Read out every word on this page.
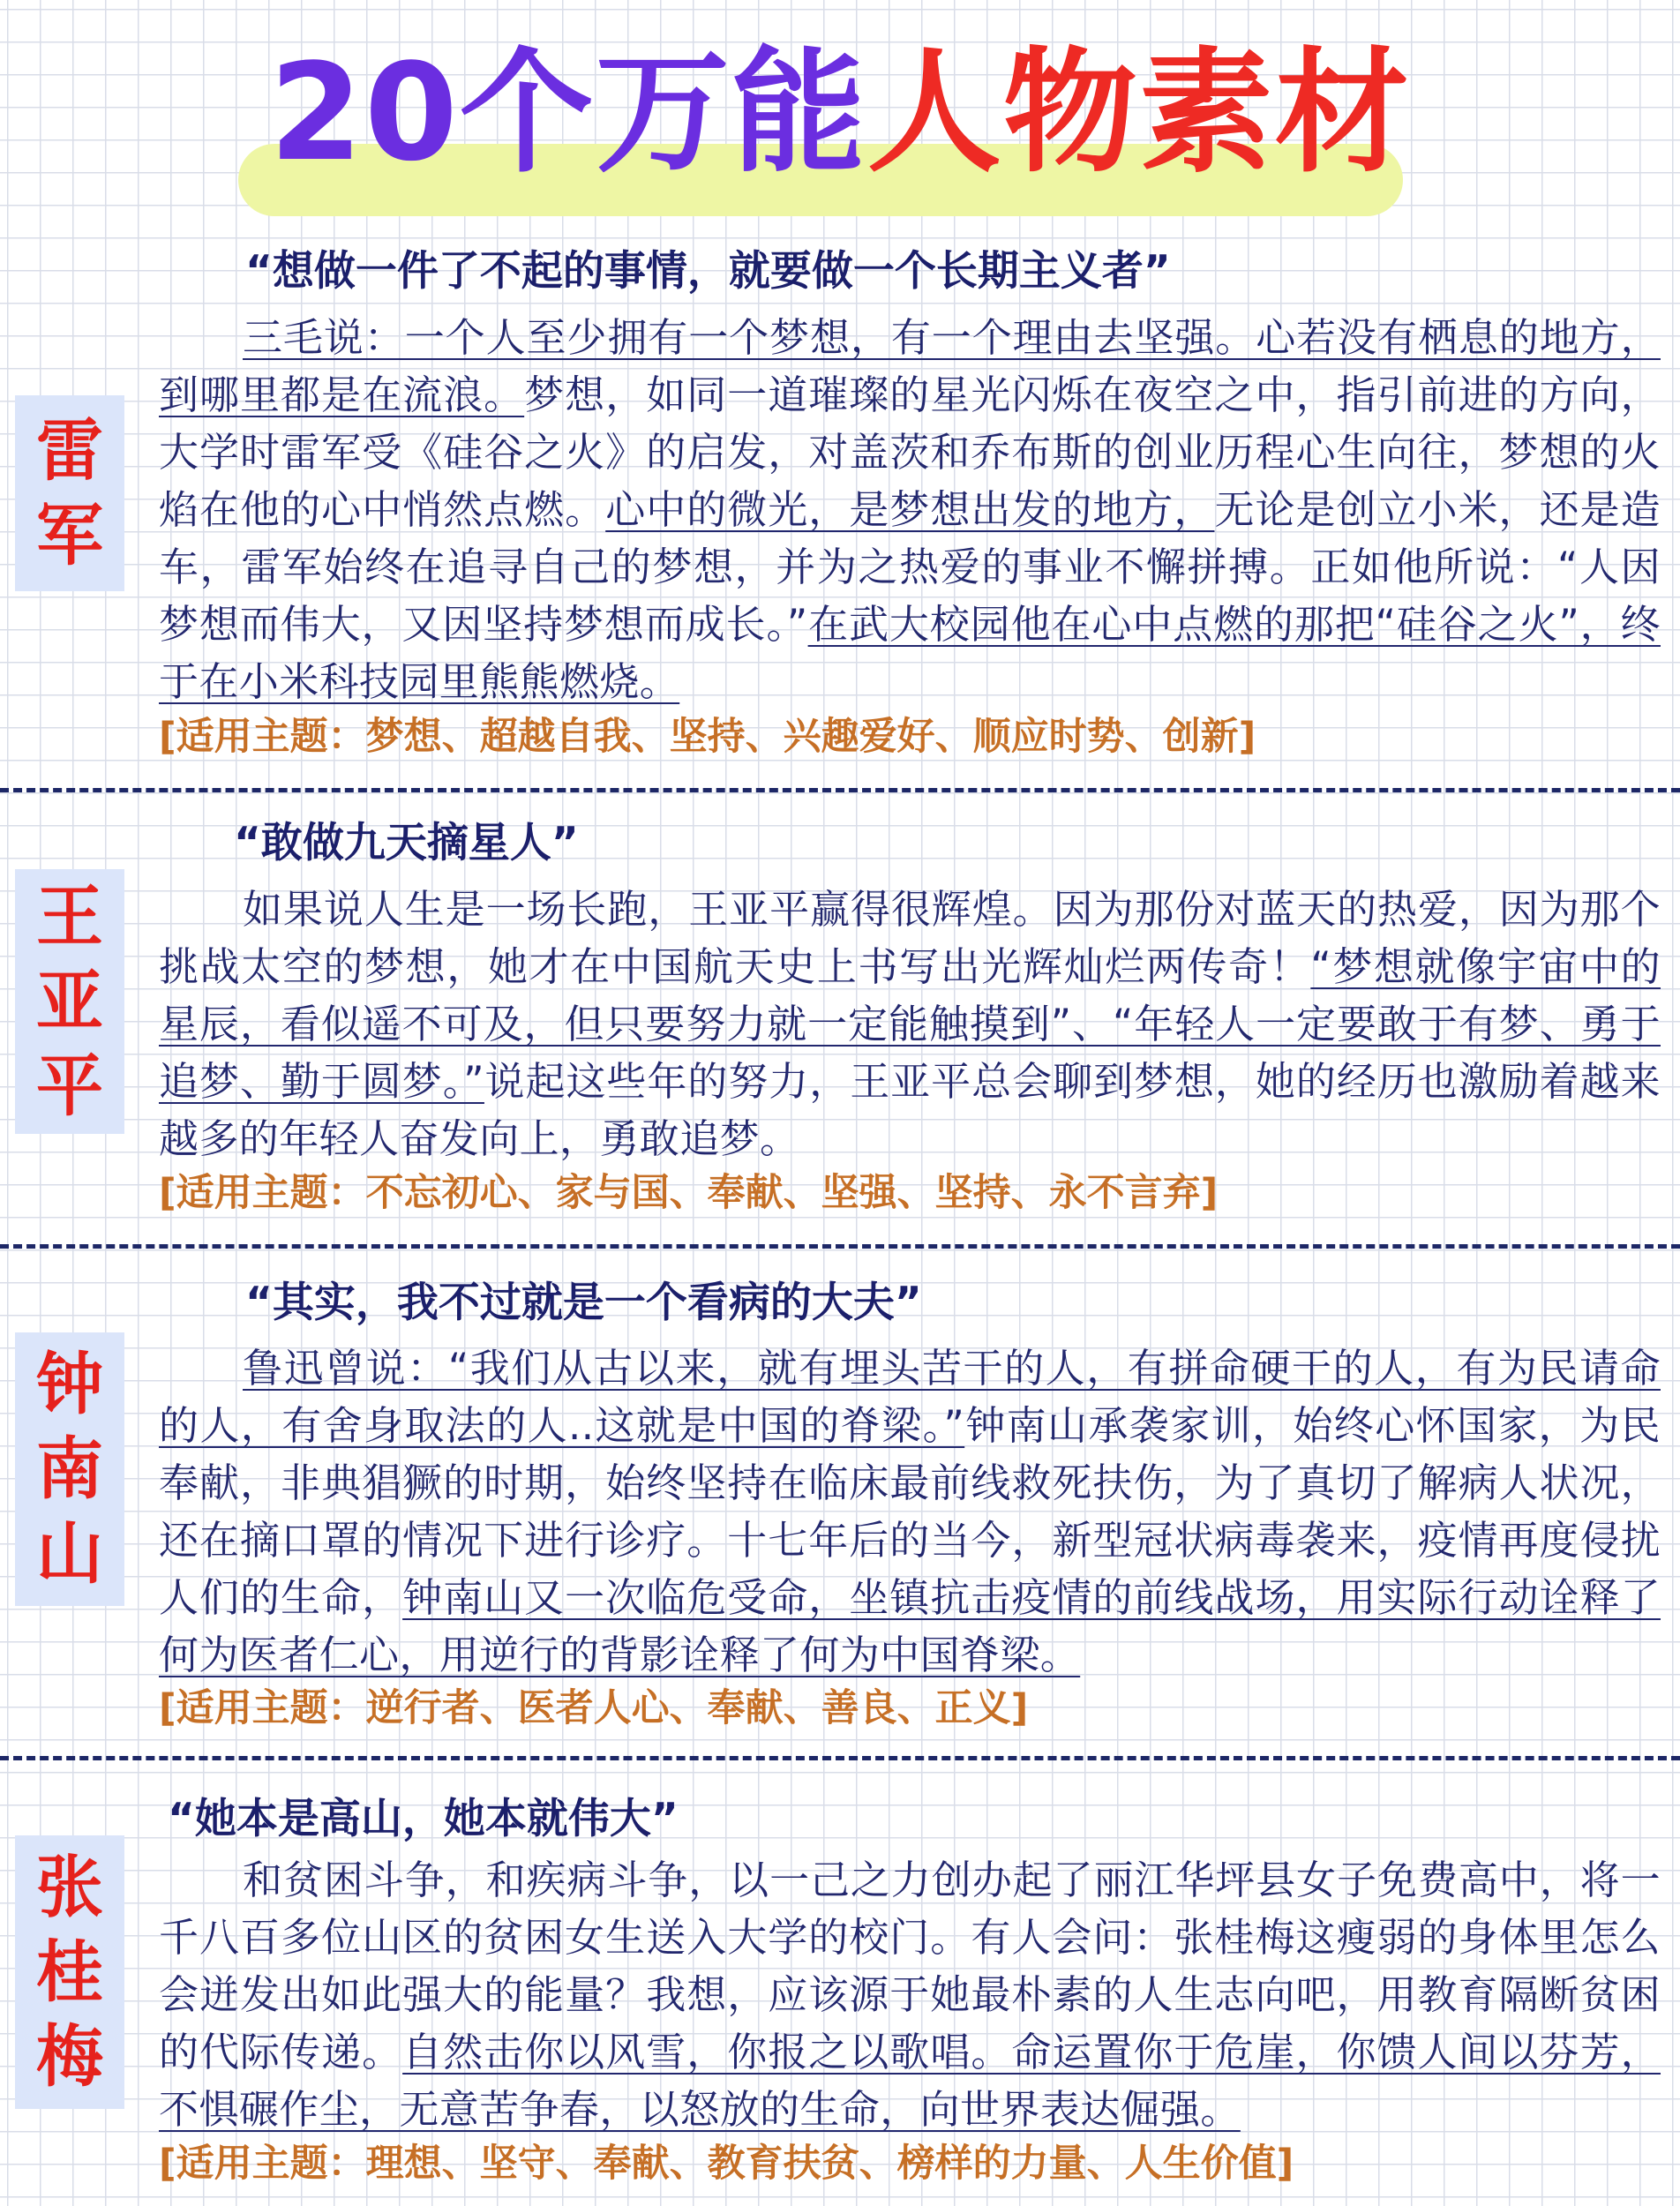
20个万能人物素材
雷
军
“想做一件了不起的事情，就要做一个长期主义者”

三毛说：一个人至少拥有一个梦想，有一个理由去坚强。心若没有栖息的地方，到哪里都是在流浪。梦想，如同一道璀璨的星光闪烁在夜空之中，指引前进的方向，大学时雷军受《硅谷之火》的启发，对盖茨和乔布斯的创业历程心生向往，梦想的火焰在他的心中悄然点燃。心中的微光，是梦想出发的地方，无论是创立小米，还是造车，雷军始终在追寻自己的梦想，并为之热爱的事业不懈拼搏。正如他所说：“人因梦想而伟大，又因坚持梦想而成长。”在武大校园他在心中点燃的那把“硅谷之火”，终于在小米科技园里熊熊燃烧。

[适用主题：梦想、超越自我、坚持、兴趣爱好、顺应时势、创新]
王
亚
平
“敢做九天摘星人”

如果说人生是一场长跑，王亚平赢得很辉煌。因为那份对蓝天的热爱，因为那个挑战太空的梦想，她才在中国航天史上书写出光辉灿烂两传奇！“梦想就像宇宙中的星辰，看似遥不可及，但只要努力就一定能触摸到”、“年轻人一定要敢于有梦、勇于追梦、勤于圆梦。”说起这些年的努力，王亚平总会聊到梦想，她的经历也激励着越来越多的年轻人奋发向上，勇敢追梦。

[适用主题：不忘初心、家与国、奉献、坚强、坚持、永不言弃]
钟
南
山
“其实，我不过就是一个看病的大夫”

鲁迅曾说：“我们从古以来，就有埋头苦干的人，有拼命硬干的人，有为民请命的人，有舍身取法的人..这就是中国的脊梁。”钟南山承袭家训，始终心怀国家，为民奉献，非典猖獗的时期，始终坚持在临床最前线救死扶伤，为了真切了解病人状况，还在摘口罩的情况下进行诊疗。十七年后的当今，新型冠状病毒袭来，疫情再度侵扰人们的生命，钟南山又一次临危受命，坐镇抗击疫情的前线战场，用实际行动诠释了何为医者仁心，用逆行的背影诠释了何为中国脊梁。

[适用主题：逆行者、医者人心、奉献、善良、正义]
张
桂
梅
“她本是高山，她本就伟大”

和贫困斗争，和疾病斗争，以一己之力创办起了丽江华坪县女子免费高中，将一千八百多位山区的贫困女生送入大学的校门。有人会问：张桂梅这瘦弱的身体里怎么会迸发出如此强大的能量？我想，应该源于她最朴素的人生志向吧，用教育隔断贫困的代际传递。自然击你以风雪，你报之以歌唱。命运置你于危崖，你馈人间以芬芳，不惧碾作尘，无意苦争春，以怒放的生命，向世界表达倔强。

[适用主题：理想、坚守、奉献、教育扶贫、榜样的力量、人生价值]
